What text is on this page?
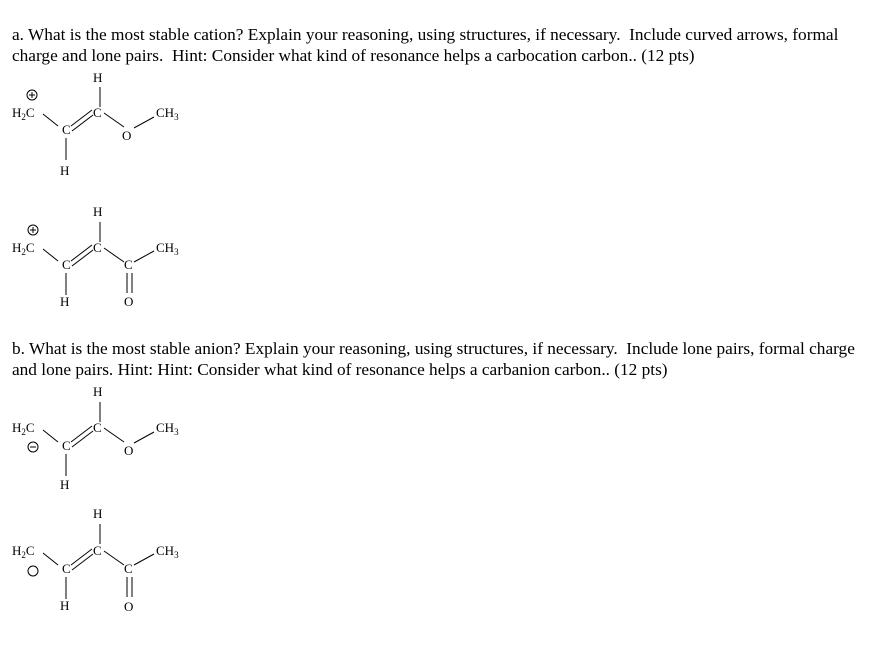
a. What is the most stable cation? Explain your reasoning, using structures, if necessary.  Include curved arrows, formal charge and lone pairs.  Hint: Consider what kind of resonance helps a carbocation carbon.. (12 pts)
b. What is the most stable anion? Explain your reasoning, using structures, if necessary.  Include lone pairs, formal charge and lone pairs. Hint: Hint: Consider what kind of resonance helps a carbanion carbon.. (12 pts)
$H_2C$
C
C
H
O
$CH_3$
H
$H_2C$
C
C
H
C
$CH_3$
O
H
$H_2C$
C
C
H
O
$CH_3$
H
$H_2C$
C
C
H
C
$CH_3$
O
H
